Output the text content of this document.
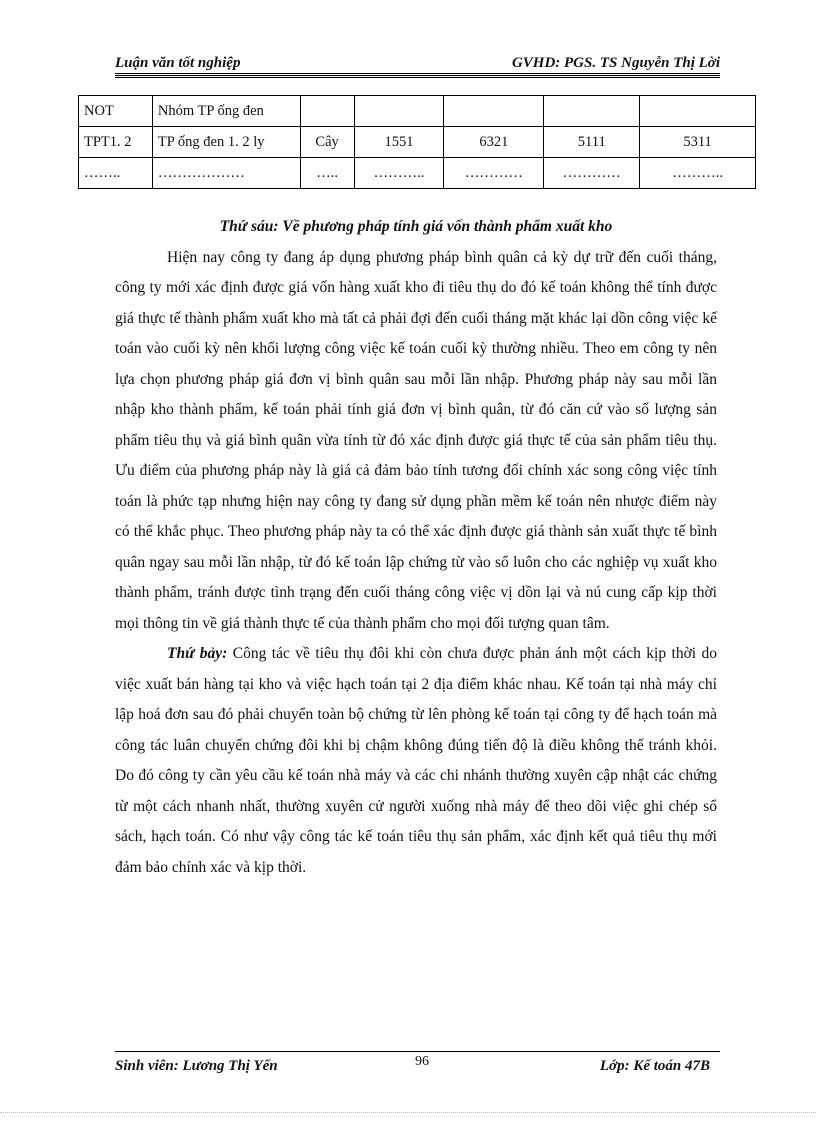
Luận văn tốt nghiệp	GVHD: PGS. TS Nguyễn Thị Lời
NOT	Nhóm TP ống đen					
TPT1. 2	TP ống đen 1. 2 ly	Cây	1551	6321	5111	5311
……..	………………	…..	………..	…………	…………	………..

Thứ sáu: Về phương pháp tính giá vốn thành phẩm xuất kho

Hiện nay công ty đang áp dụng phương pháp bình quân cả kỳ dự trữ đến cuối tháng, công ty mới xác định được giá vốn hàng xuất kho đi tiêu thụ do đó kế toán không thể tính được giá thực tế thành phẩm xuất kho mà tất cả phải đợi đến cuối tháng mặt khác lại dồn công việc kế toán vào cuối kỳ nên khối lượng công việc kế toán cuối kỳ thường nhiều. Theo em công ty nên lựa chọn phương pháp giá đơn vị bình quân sau mỗi lần nhập. Phương pháp này sau mỗi lần nhập kho thành phẩm, kế toán phải tính giá đơn vị bình quân, từ đó căn cứ vào số lượng sản phẩm tiêu thụ và giá bình quân vừa tính từ đó xác định được giá thực tế của sản phẩm tiêu thụ. Ưu điểm của phương pháp này là giá cả đảm bảo tính tương đối chính xác song công việc tính toán là phức tạp nhưng hiện nay công ty đang sử dụng phần mềm kế toán nên nhược điểm này có thể khắc phục. Theo phương pháp này ta có thể xác định được giá thành sản xuất thực tế bình quân ngay sau mỗi lần nhập, từ đó kế toán lập chứng từ vào sổ luôn cho các nghiệp vụ xuất kho thành phẩm, tránh được tình trạng đến cuối tháng công việc vị dồn lại và nú cung cấp kịp thời mọi thông tin về giá thành thực tế của thành phẩm cho mọi đối tượng quan tâm.

Thứ bảy: Công tác về tiêu thụ đôi khi còn chưa được phản ánh một cách kịp thời do việc xuất bán hàng tại kho và việc hạch toán tại 2 địa điểm khác nhau. Kế toán tại nhà máy chỉ lập hoá đơn sau đó phải chuyển toàn bộ chứng từ lên phòng kế toán tại công ty để hạch toán mà công tác luân chuyển chứng đôi khi bị chậm không đúng tiến độ là điều không thể tránh khỏi. Do đó công ty cần yêu cầu kế toán nhà máy và các chi nhánh thường xuyên cập nhật các chứng từ một cách nhanh nhất, thường xuyên cử người xuống nhà máy để theo dõi việc ghi chép sổ sách, hạch toán. Có như vậy công tác kế toán tiêu thụ sản phẩm, xác định kết quả tiêu thụ mới đảm bảo chính xác và kịp thời.

Sinh viên: Lương Thị Yến	96	Lớp: Kế toán 47B
